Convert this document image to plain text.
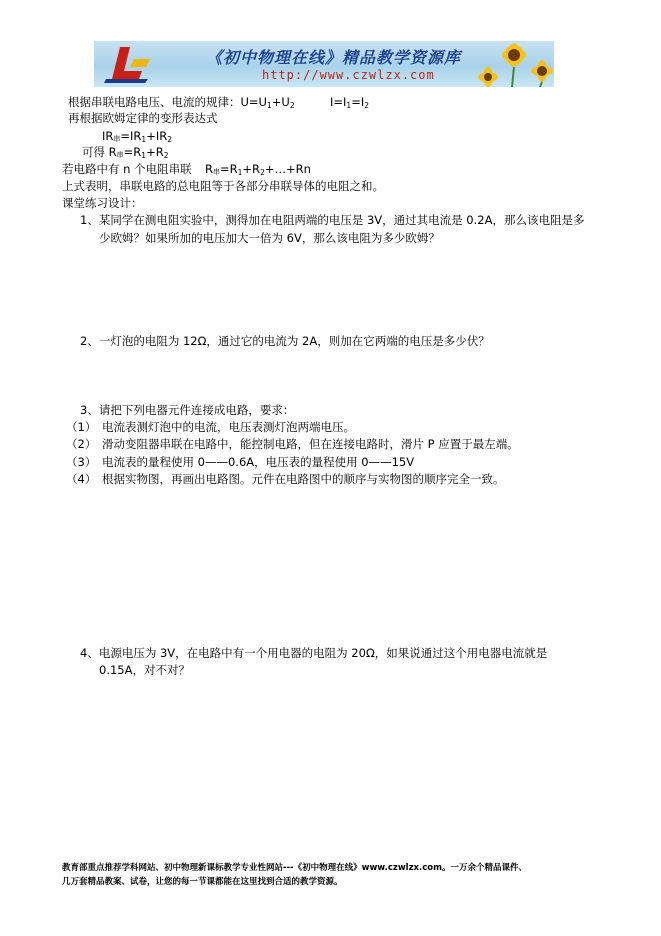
《初中物理在线》精品教学资源库
http://www.czwlzx.com
根据串联电路电压、电流的规律：$U=U_1+U_2$	$I=I_1=I_2$
再根据欧姆定律的变形表达式
IR串$=IR_1+IR_2$
可得 R串$=R_1+R_2$
若电路中有 n 个电阻串联 R串$=R_1+R_2+\dots+Rn$
上式表明，串联电路的总电阻等于各部分串联导体的电阻之和。
课堂练习设计：
1、某同学在测电阻实验中，测得加在电阻两端的电压是 3V，通过其电流是 0.2A，那么该电阻是多
少欧姆？如果所加的电压加大一倍为 6V，那么该电阻为多少欧姆？
2、一灯泡的电阻为 12Ω，通过它的电流为 2A，则加在它两端的电压是多少伏？
3、请把下列电器元件连接成电路，要求：
（1） 电流表测灯泡中的电流，电压表测灯泡两端电压。
（2） 滑动变阻器串联在电路中，能控制电路，但在连接电路时，滑片 P 应置于最左端。
（3） 电流表的量程使用 0——0.6A，电压表的量程使用 0——15V
（4） 根据实物图，再画出电路图。元件在电路图中的顺序与实物图的顺序完全一致。
4、电源电压为 3V，在电路中有一个用电器的电阻为 20Ω，如果说通过这个用电器电流就是
0.15A，对不对？
教育部重点推荐学科网站、初中物理新课标教学专业性网站---《初中物理在线》www.czwlzx.com。一万余个精品课件、
几万套精品教案、试卷，让您的每一节课都能在这里找到合适的教学资源。
